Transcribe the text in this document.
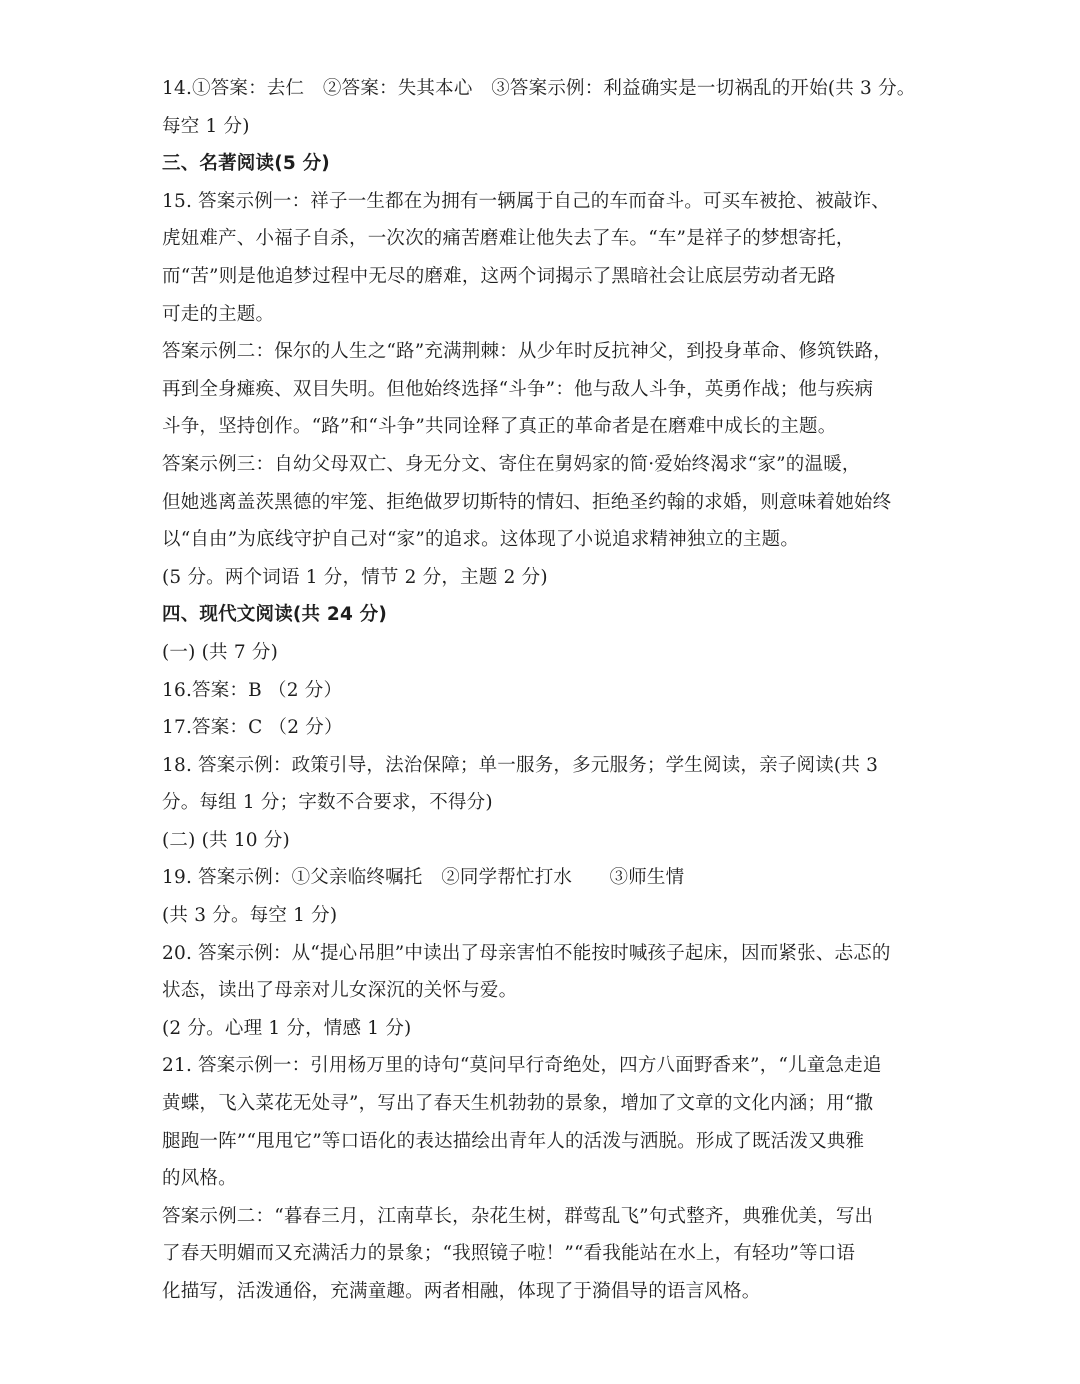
14.①答案：去仁　②答案：失其本心　③答案示例：利益确实是一切祸乱的开始(共 3 分。
每空 1 分)
三、名著阅读(5 分)
15. 答案示例一：祥子一生都在为拥有一辆属于自己的车而奋斗。可买车被抢、被敲诈、
虎妞难产、小福子自杀，一次次的痛苦磨难让他失去了车。“车”是祥子的梦想寄托，
而“苦”则是他追梦过程中无尽的磨难，这两个词揭示了黑暗社会让底层劳动者无路
可走的主题。
答案示例二：保尔的人生之“路”充满荆棘：从少年时反抗神父，到投身革命、修筑铁路，
再到全身瘫痪、双目失明。但他始终选择“斗争”：他与敌人斗争，英勇作战；他与疾病
斗争，坚持创作。“路”和“斗争”共同诠释了真正的革命者是在磨难中成长的主题。
答案示例三：自幼父母双亡、身无分文、寄住在舅妈家的简·爱始终渴求“家”的温暖，
但她逃离盖茨黑德的牢笼、拒绝做罗切斯特的情妇、拒绝圣约翰的求婚，则意味着她始终
以“自由”为底线守护自己对“家”的追求。这体现了小说追求精神独立的主题。
(5 分。两个词语 1 分，情节 2 分，主题 2 分)
四、现代文阅读(共 24 分)
(一) (共 7 分)
16.答案：B （2 分）
17.答案：C （2 分）
18. 答案示例：政策引导，法治保障；单一服务，多元服务；学生阅读，亲子阅读(共 3
分。每组 1 分；字数不合要求，不得分)
(二) (共 10 分)
19. 答案示例：①父亲临终嘱托　②同学帮忙打水　　③师生情
(共 3 分。每空 1 分)
20. 答案示例：从“提心吊胆”中读出了母亲害怕不能按时喊孩子起床，因而紧张、忐忑的
状态，读出了母亲对儿女深沉的关怀与爱。
(2 分。心理 1 分，情感 1 分)
21. 答案示例一：引用杨万里的诗句“莫问早行奇绝处，四方八面野香来”，“儿童急走追
黄蝶，飞入菜花无处寻”，写出了春天生机勃勃的景象，增加了文章的文化内涵；用“撒
腿跑一阵”“甩甩它”等口语化的表达描绘出青年人的活泼与洒脱。形成了既活泼又典雅
的风格。
答案示例二：“暮春三月，江南草长，杂花生树，群莺乱飞”句式整齐，典雅优美，写出
了春天明媚而又充满活力的景象；“我照镜子啦！”“看我能站在水上，有轻功”等口语
化描写，活泼通俗，充满童趣。两者相融，体现了于漪倡导的语言风格。
